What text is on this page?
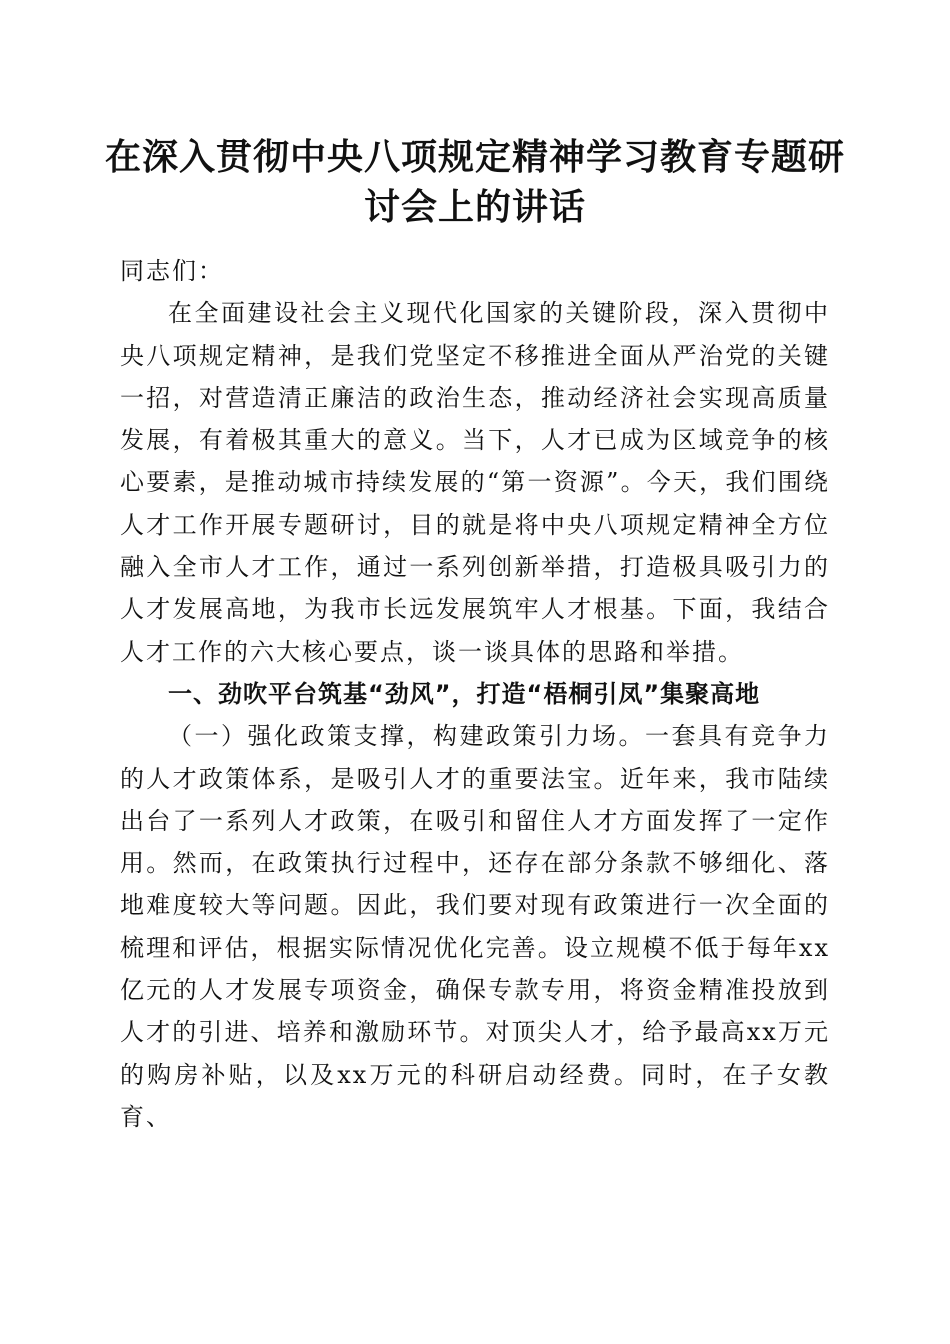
在深入贯彻中央八项规定精神学习教育专题研讨会上的讲话

同志们：

在全面建设社会主义现代化国家的关键阶段，深入贯彻中央八项规定精神，是我们党坚定不移推进全面从严治党的关键一招，对营造清正廉洁的政治生态，推动经济社会实现高质量发展，有着极其重大的意义。当下，人才已成为区域竞争的核心要素，是推动城市持续发展的“第一资源”。今天，我们围绕人才工作开展专题研讨，目的就是将中央八项规定精神全方位融入全市人才工作，通过一系列创新举措，打造极具吸引力的人才发展高地，为我市长远发展筑牢人才根基。下面，我结合人才工作的六大核心要点，谈一谈具体的思路和举措。

一、劲吹平台筑基“劲风”，打造“梧桐引凤”集聚高地

（一）强化政策支撑，构建政策引力场。一套具有竞争力的人才政策体系，是吸引人才的重要法宝。近年来，我市陆续出台了一系列人才政策，在吸引和留住人才方面发挥了一定作用。然而，在政策执行过程中，还存在部分条款不够细化、落地难度较大等问题。因此，我们要对现有政策进行一次全面的梳理和评估，根据实际情况优化完善。设立规模不低于每年xx亿元的人才发展专项资金，确保专款专用，将资金精准投放到人才的引进、培养和激励环节。对顶尖人才，给予最高xx万元的购房补贴，以及xx万元的科研启动经费。同时，在子女教育、
